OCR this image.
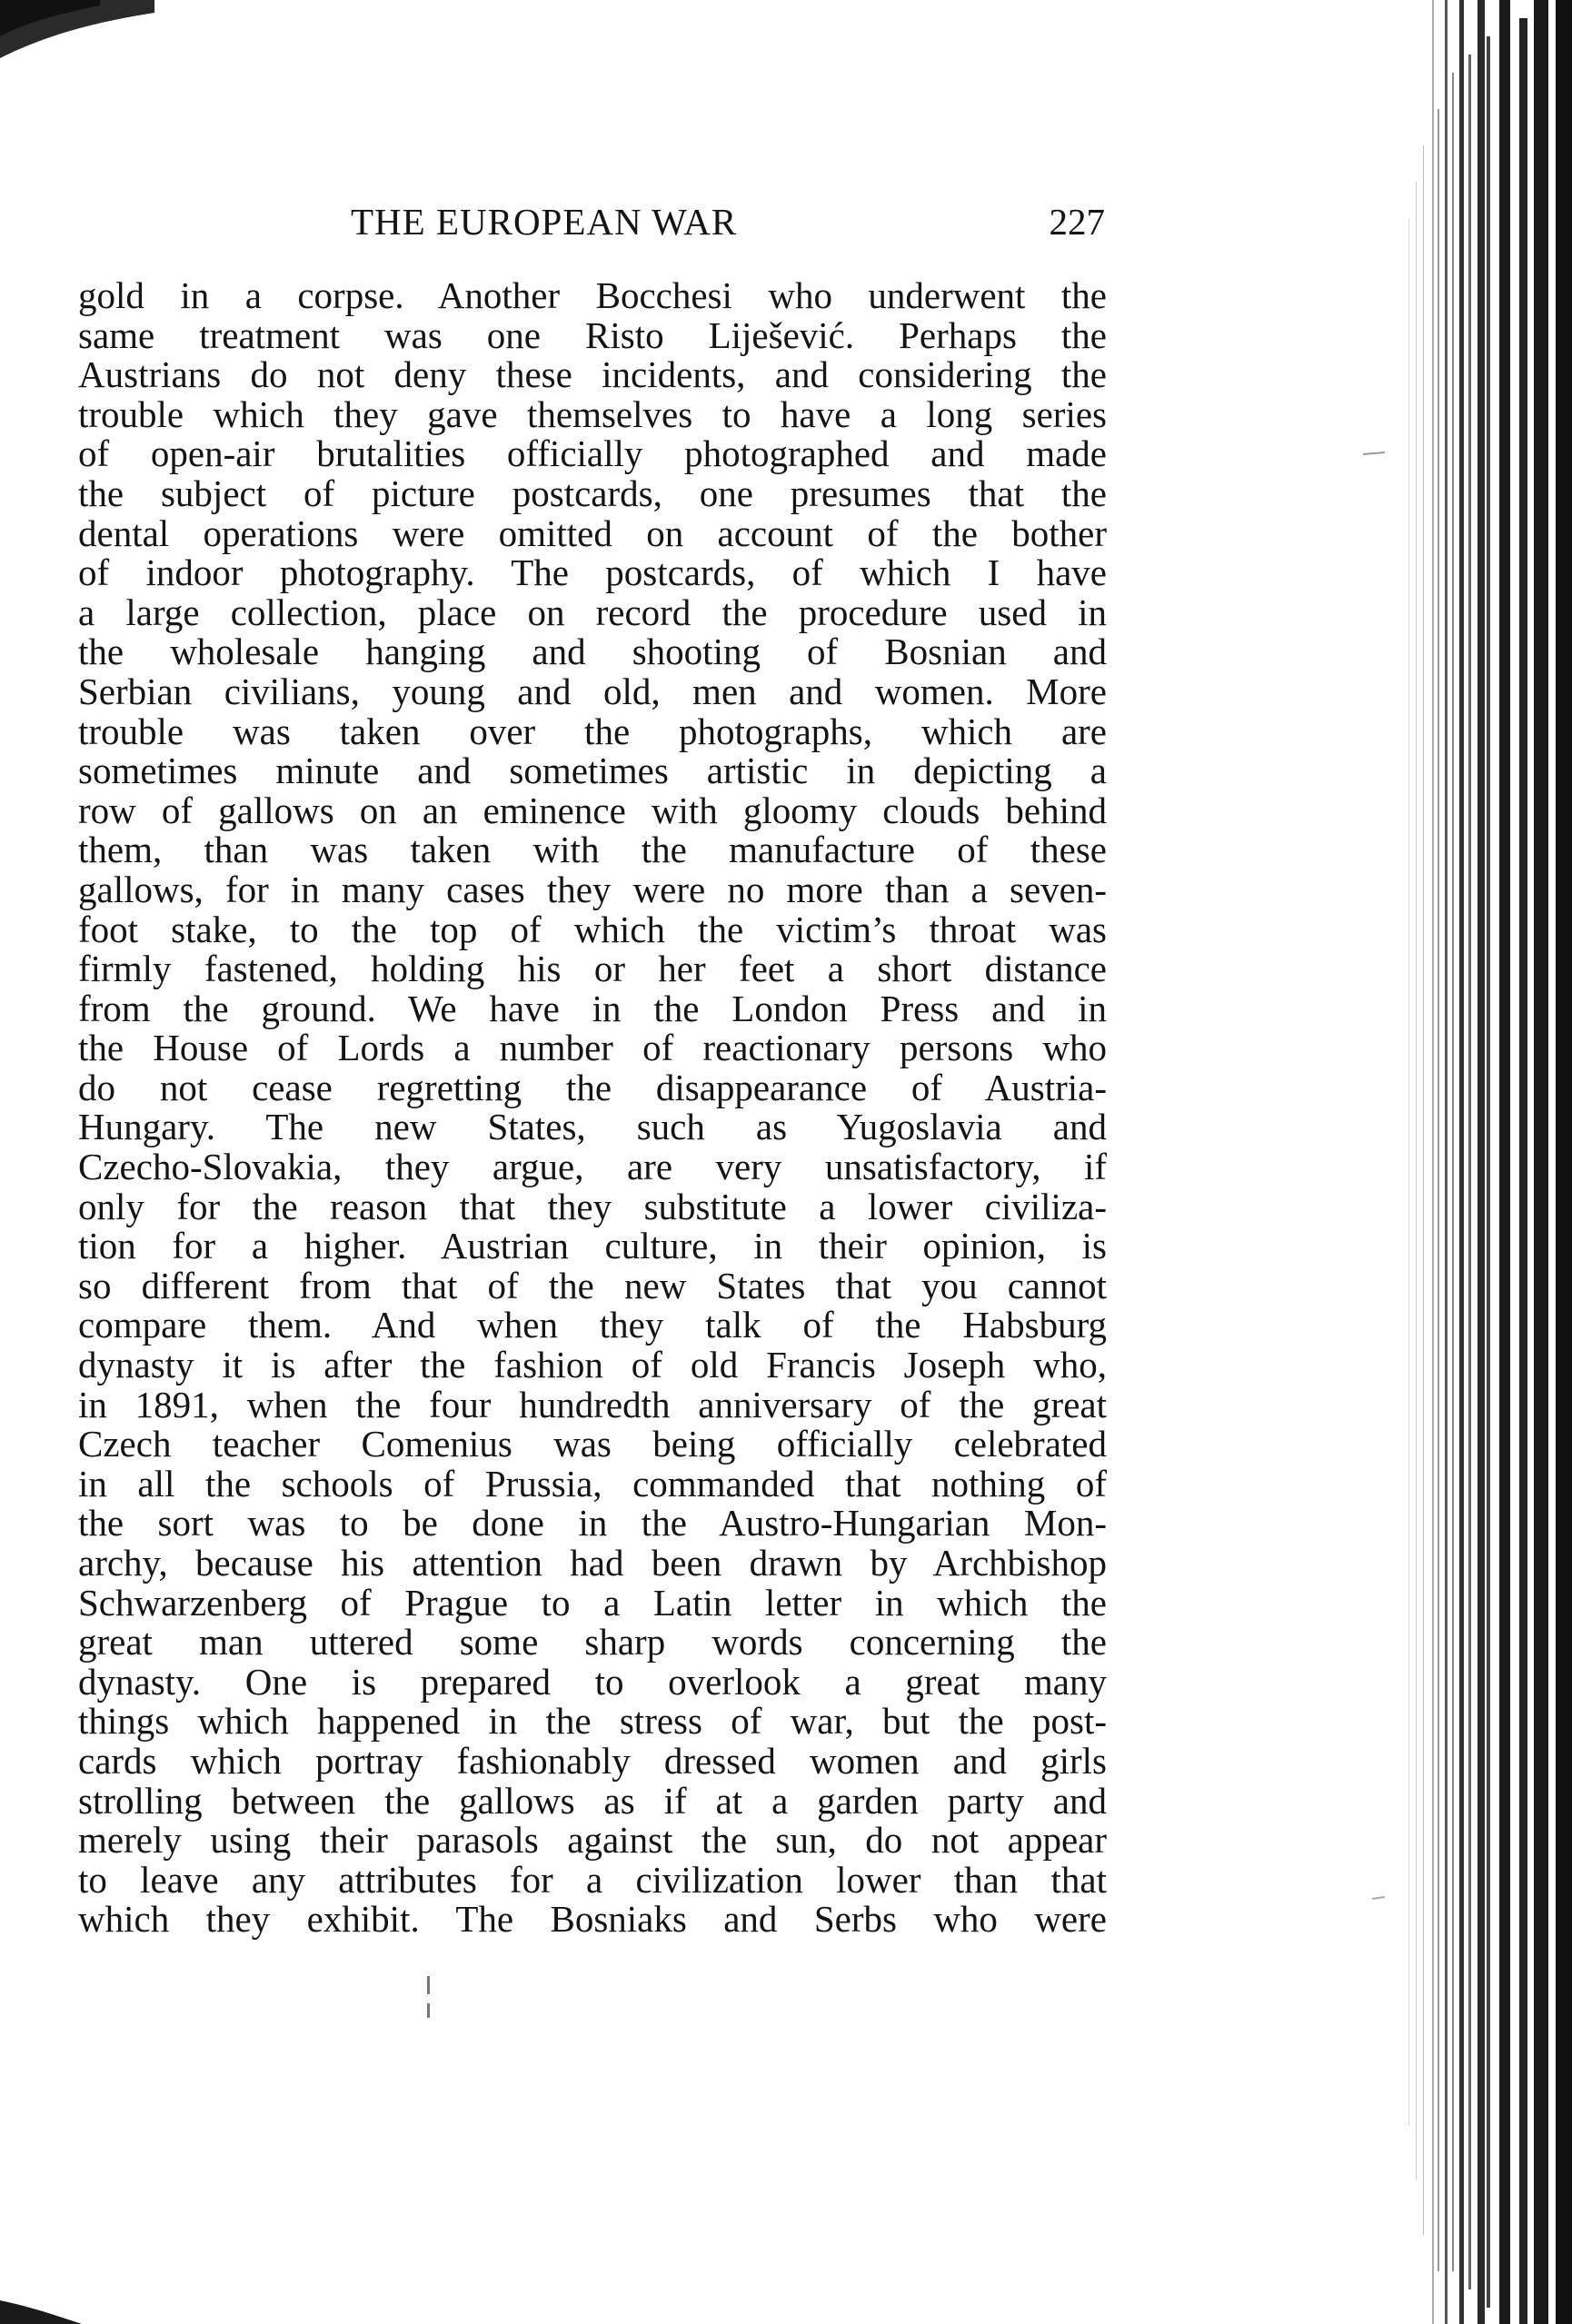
THE EUROPEAN WAR	227
gold in a corpse. Another Bocchesi who underwent the
same treatment was one Risto Liješević. Perhaps the
Austrians do not deny these incidents, and considering the
trouble which they gave themselves to have a long series
of open-air brutalities officially photographed and made
the subject of picture postcards, one presumes that the
dental operations were omitted on account of the bother
of indoor photography. The postcards, of which I have
a large collection, place on record the procedure used in
the wholesale hanging and shooting of Bosnian and
Serbian civilians, young and old, men and women. More
trouble was taken over the photographs, which are
sometimes minute and sometimes artistic in depicting a
row of gallows on an eminence with gloomy clouds behind
them, than was taken with the manufacture of these
gallows, for in many cases they were no more than a seven-
foot stake, to the top of which the victim’s throat was
firmly fastened, holding his or her feet a short distance
from the ground. We have in the London Press and in
the House of Lords a number of reactionary persons who
do not cease regretting the disappearance of Austria-
Hungary. The new States, such as Yugoslavia and
Czecho-Slovakia, they argue, are very unsatisfactory, if
only for the reason that they substitute a lower civiliza-
tion for a higher. Austrian culture, in their opinion, is
so different from that of the new States that you cannot
compare them. And when they talk of the Habsburg
dynasty it is after the fashion of old Francis Joseph who,
in 1891, when the four hundredth anniversary of the great
Czech teacher Comenius was being officially celebrated
in all the schools of Prussia, commanded that nothing of
the sort was to be done in the Austro-Hungarian Mon-
archy, because his attention had been drawn by Archbishop
Schwarzenberg of Prague to a Latin letter in which the
great man uttered some sharp words concerning the
dynasty. One is prepared to overlook a great many
things which happened in the stress of war, but the post-
cards which portray fashionably dressed women and girls
strolling between the gallows as if at a garden party and
merely using their parasols against the sun, do not appear
to leave any attributes for a civilization lower than that
which they exhibit. The Bosniaks and Serbs who were
